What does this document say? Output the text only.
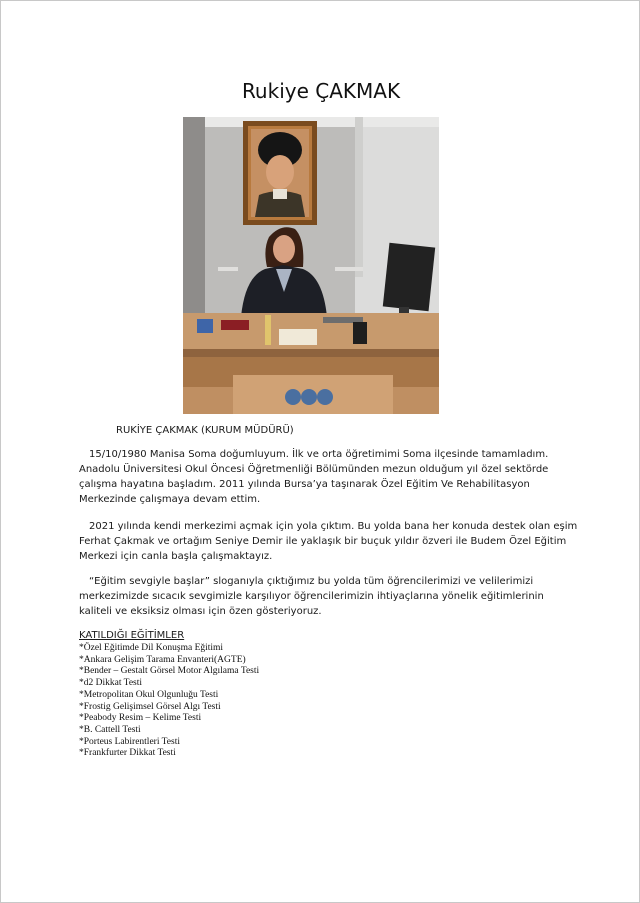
Rukiye ÇAKMAK
RUKİYE ÇAKMAK (KURUM MÜDÜRÜ)

15/10/1980 Manisa Soma doğumluyum. İlk ve orta öğretimimi Soma ilçesinde tamamladım. Anadolu Üniversitesi Okul Öncesi Öğretmenliği Bölümünden mezun olduğum yıl özel sektörde çalışma hayatına başladım. 2011 yılında Bursa’ya taşınarak Özel Eğitim Ve Rehabilitasyon Merkezinde çalışmaya devam ettim.

2021 yılında kendi merkezimi açmak için yola çıktım. Bu yolda bana her konuda destek olan eşim Ferhat Çakmak ve ortağım Seniye Demir ile yaklaşık bir buçuk yıldır özveri ile Budem Özel Eğitim Merkezi için canla başla çalışmaktayız.

“Eğitim sevgiyle başlar” sloganıyla çıktığımız bu yolda tüm öğrencilerimizi ve velilerimizi merkezimizde sıcacık sevgimizle karşılıyor öğrencilerimizin ihtiyaçlarına yönelik eğitimlerinin kaliteli ve eksiksiz olması için özen gösteriyoruz.

KATILDIĞI EĞİTİMLER
*Özel Eğitimde Dil Konuşma Eğitimi
*Ankara Gelişim Tarama Envanteri(AGTE)
*Bender – Gestalt Görsel Motor Algılama Testi
*d2 Dikkat Testi
*Metropolitan Okul Olgunluğu Testi
*Frostig Gelişimsel Görsel Algı Testi
*Peabody Resim – Kelime Testi
*B. Cattell Testi
*Porteus Labirentleri Testi
*Frankfurter Dikkat Testi
